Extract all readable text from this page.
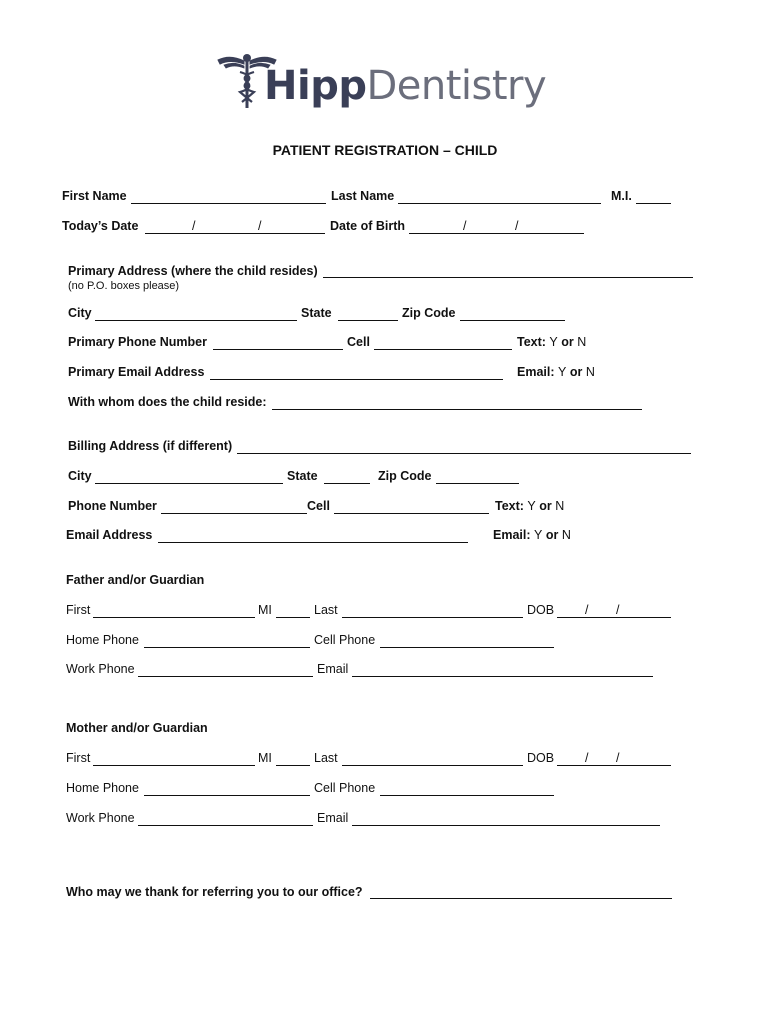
HippDentistry
PATIENT REGISTRATION – CHILD
First Name	Last Name	M.I.
Today’s Date	/	/	Date of Birth	/	/
Primary Address (where the child resides)
(no P.O. boxes please)
City	State	Zip Code
Primary Phone Number	Cell	Text: Y or N
Primary Email Address	Email: Y or N
With whom does the child reside:
Billing Address (if different)
City	State	Zip Code
Phone Number	Cell	Text: Y or N
Email Address	Email: Y or N
Father and/or Guardian
First	MI	Last	DOB / /
Home Phone	Cell Phone
Work Phone	Email
Mother and/or Guardian
First	MI	Last	DOB / /
Home Phone	Cell Phone
Work Phone	Email
Who may we thank for referring you to our office?
